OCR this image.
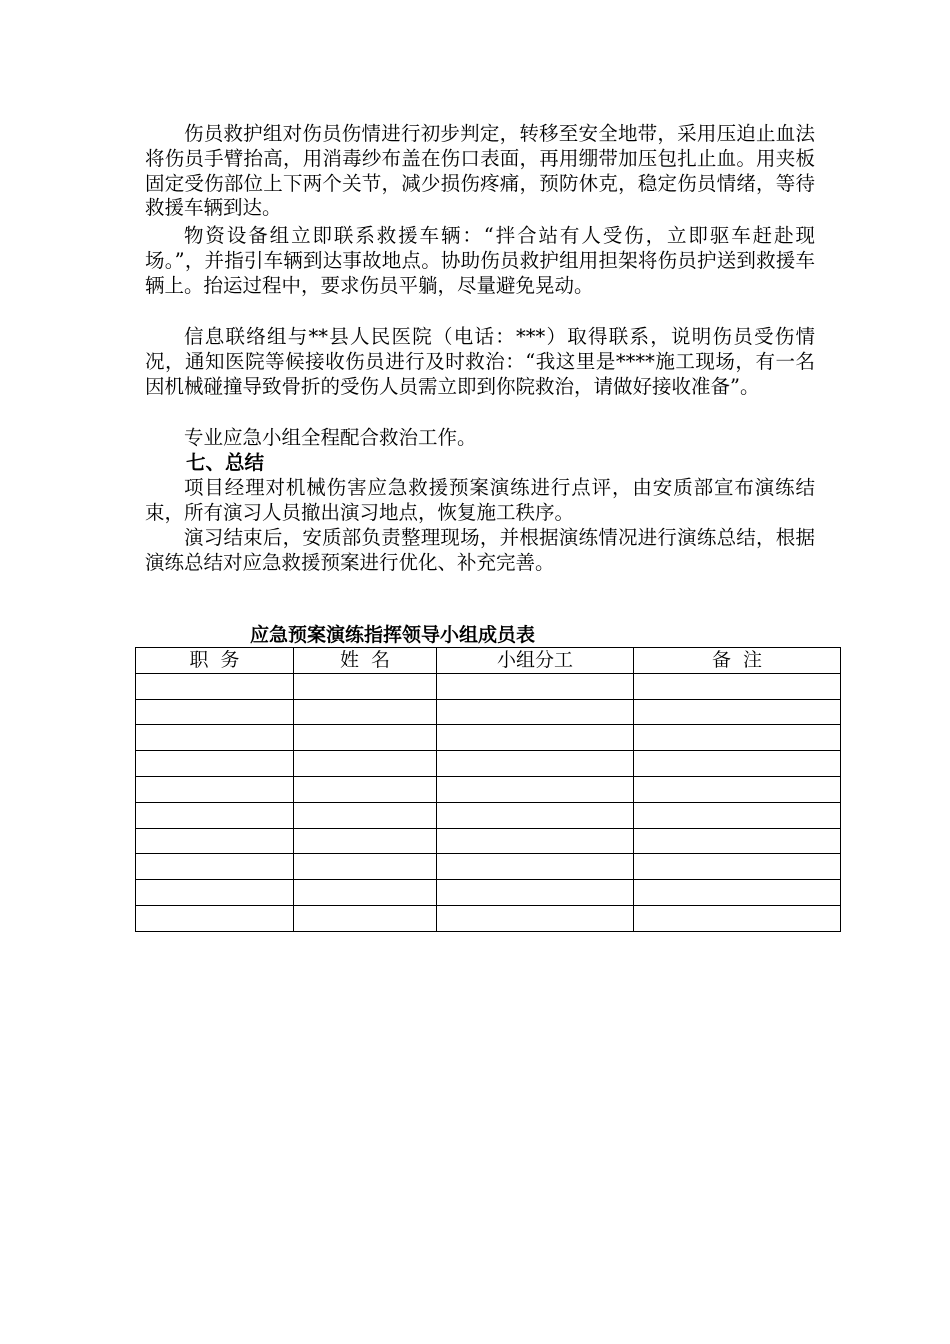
伤员救护组对伤员伤情进行初步判定，转移至安全地带，采用压迫止血法将伤员手臂抬高，用消毒纱布盖在伤口表面，再用绷带加压包扎止血。用夹板固定受伤部位上下两个关节，减少损伤疼痛，预防休克，稳定伤员情绪，等待救援车辆到达。

物资设备组立即联系救援车辆：“拌合站有人受伤，立即驱车赶赴现场。”，并指引车辆到达事故地点。协助伤员救护组用担架将伤员护送到救援车辆上。抬运过程中，要求伤员平躺，尽量避免晃动。

信息联络组与**县人民医院（电话：***）取得联系，说明伤员受伤情况，通知医院等候接收伤员进行及时救治：“我这里是****施工现场，有一名因机械碰撞导致骨折的受伤人员需立即到你院救治，请做好接收准备”。

专业应急小组全程配合救治工作。

七、总结

项目经理对机械伤害应急救援预案演练进行点评，由安质部宣布演练结束，所有演习人员撤出演习地点，恢复施工秩序。

演习结束后，安质部负责整理现场，并根据演练情况进行演练总结，根据演练总结对应急救援预案进行优化、补充完善。

应急预案演练指挥领导小组成员表
职  务	姓  名	小组分工	备  注
